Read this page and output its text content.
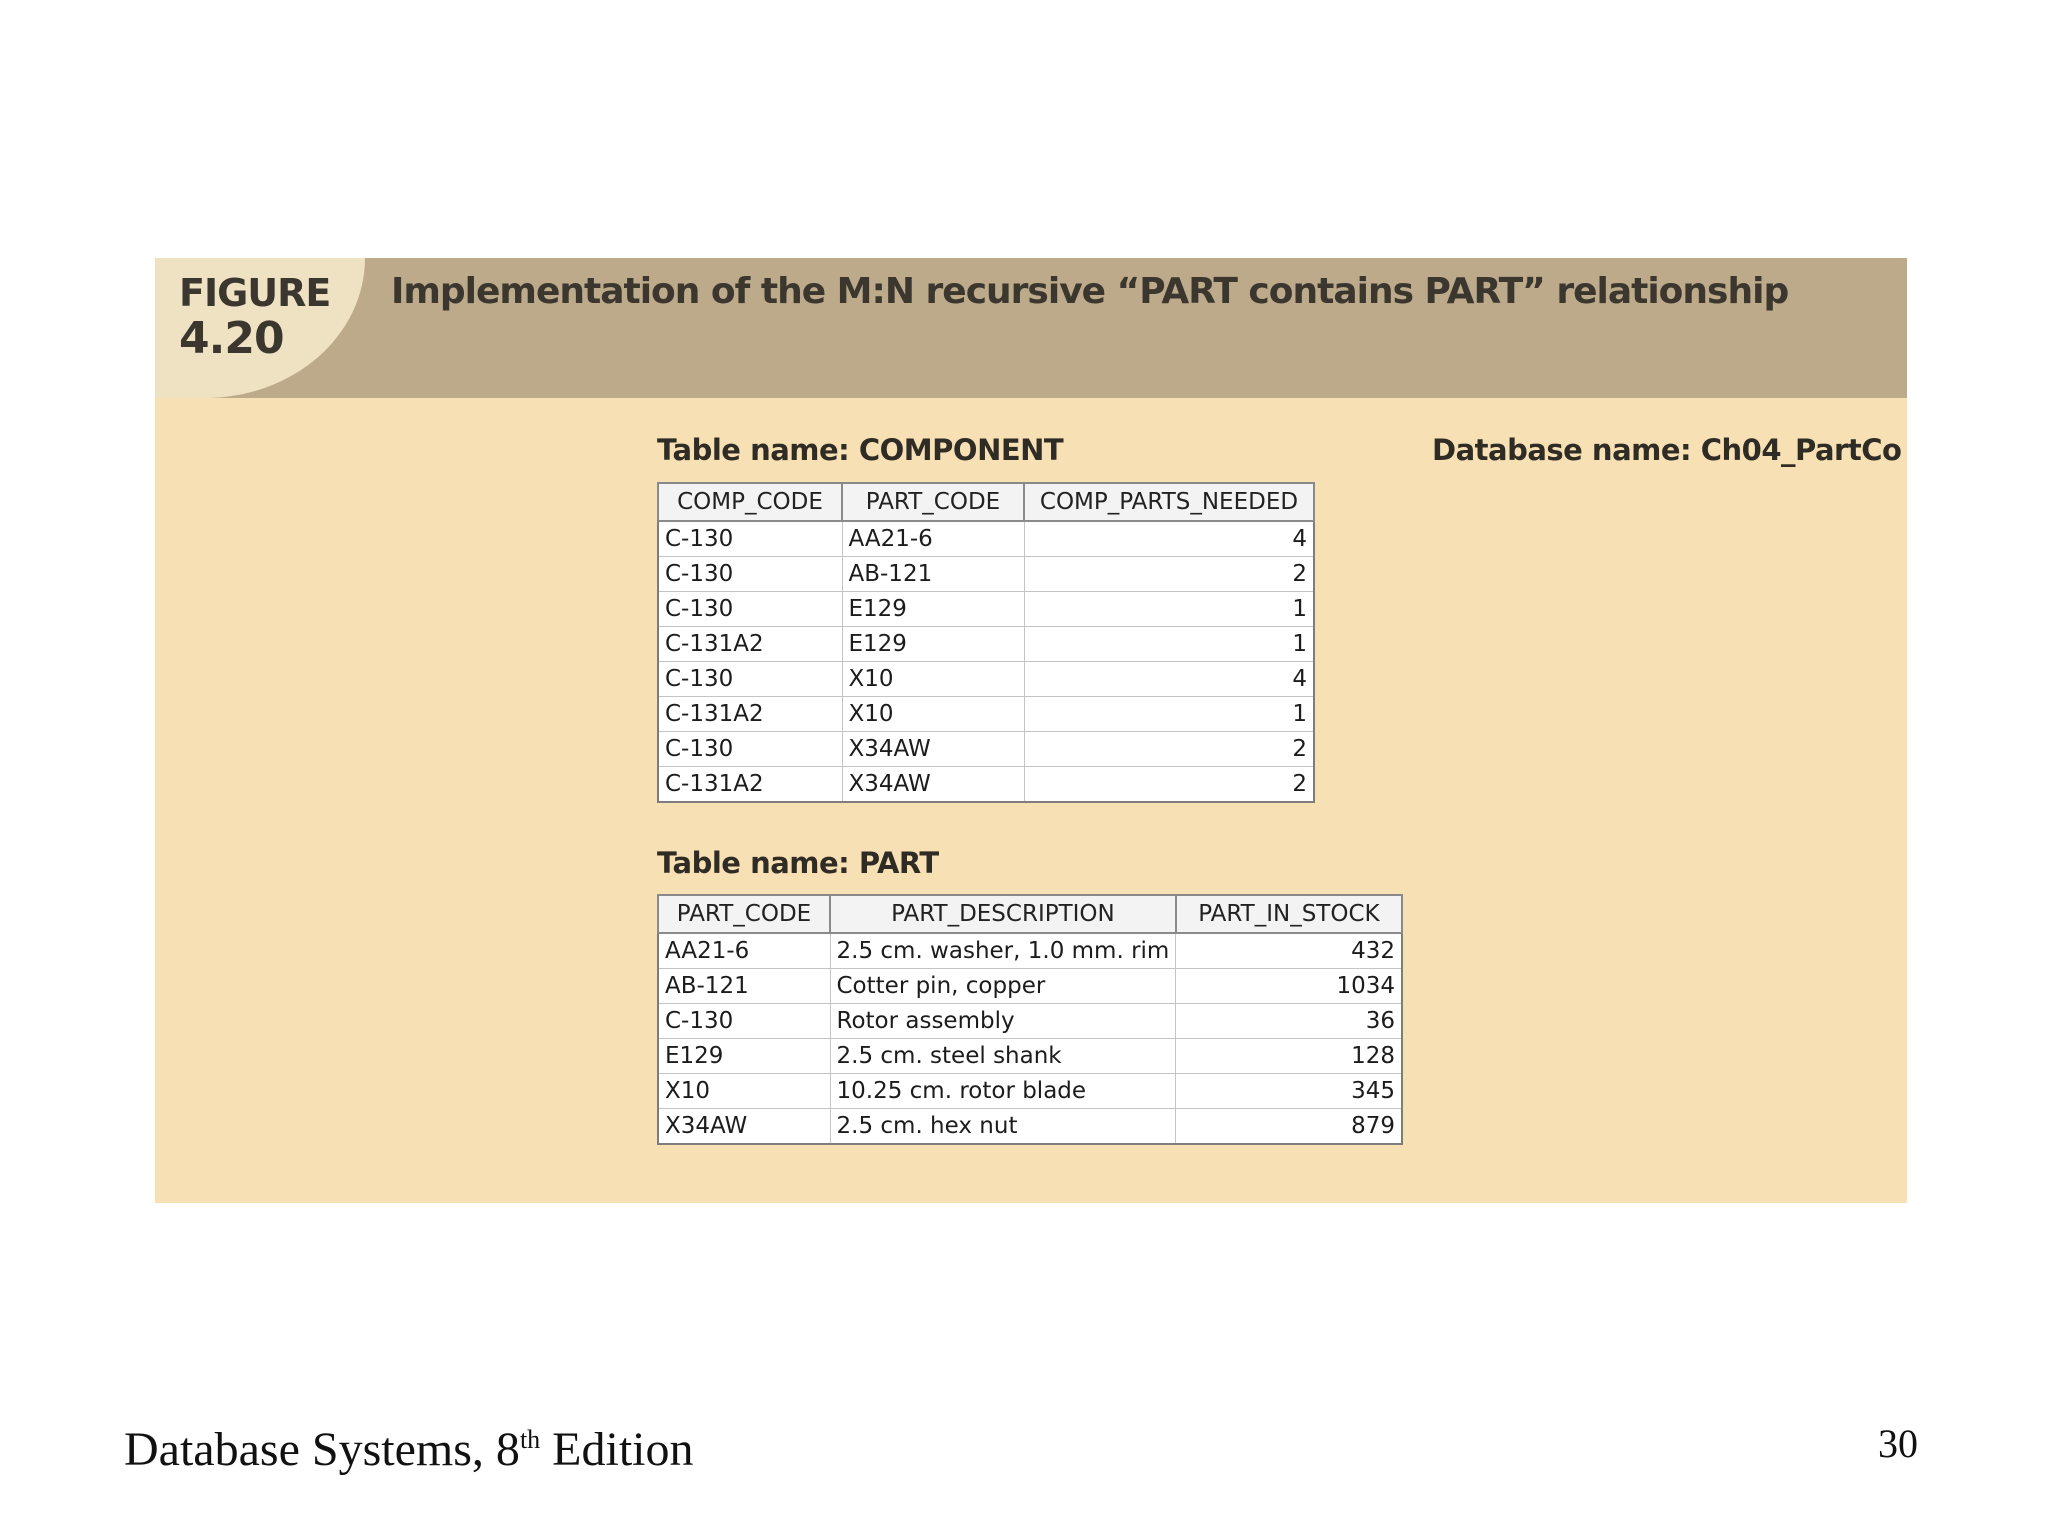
FIGURE
4.20
Implementation of the M:N recursive “PART contains PART” relationship
Table name: COMPONENT	Database name: Ch04_PartCo
COMP_CODE	PART_CODE	COMP_PARTS_NEEDED
C-130	AA21-6	4
C-130	AB-121	2
C-130	E129	1
C-131A2	E129	1
C-130	X10	4
C-131A2	X10	1
C-130	X34AW	2
C-131A2	X34AW	2
Table name: PART
PART_CODE	PART_DESCRIPTION	PART_IN_STOCK
AA21-6	2.5 cm. washer, 1.0 mm. rim	432
AB-121	Cotter pin, copper	1034
C-130	Rotor assembly	36
E129	2.5 cm. steel shank	128
X10	10.25 cm. rotor blade	345
X34AW	2.5 cm. hex nut	879
Database Systems, 8th Edition	30
